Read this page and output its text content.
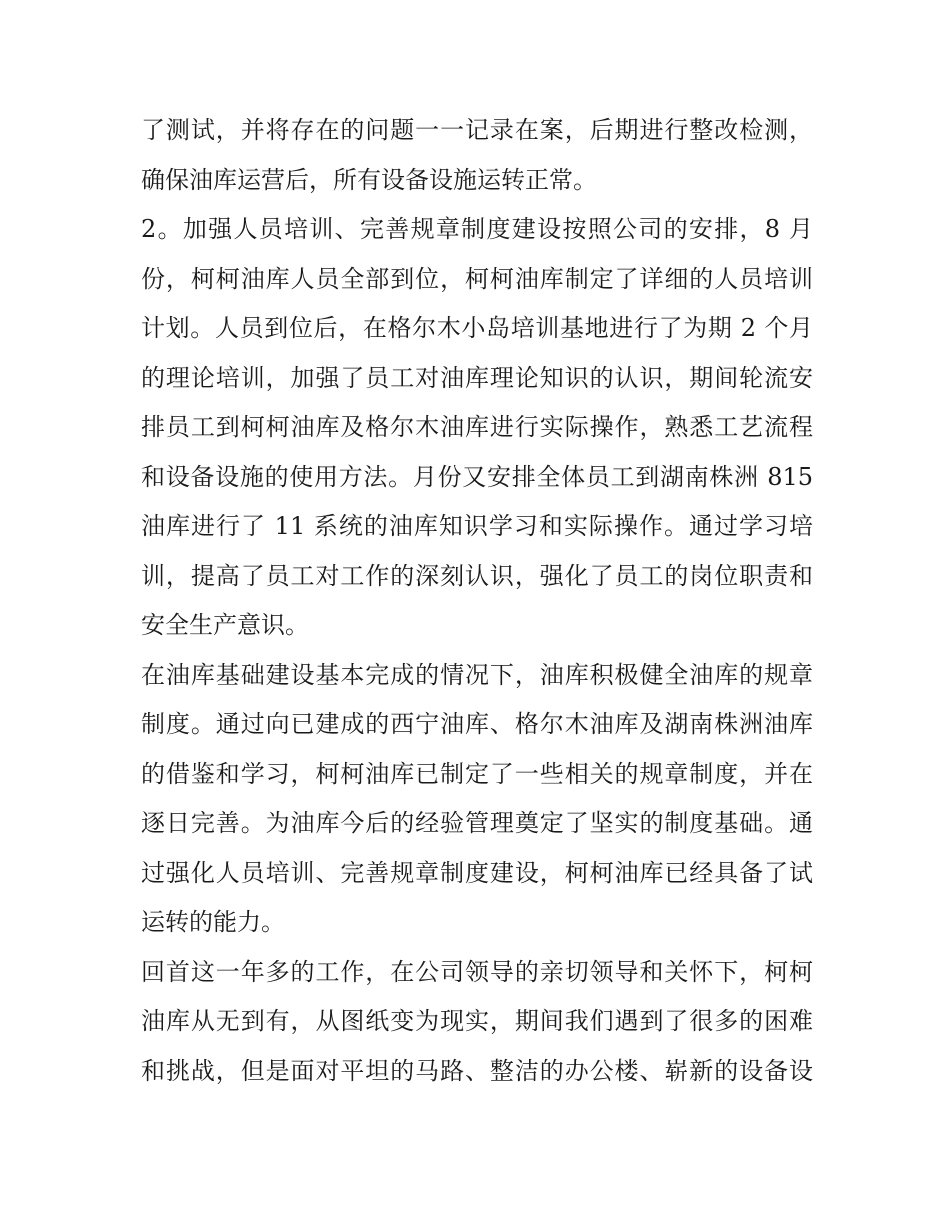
了测试，并将存在的问题一一记录在案，后期进行整改检测，
确保油库运营后，所有设备设施运转正常。
2。加强人员培训、完善规章制度建设按照公司的安排，8 月
份，柯柯油库人员全部到位，柯柯油库制定了详细的人员培训
计划。人员到位后，在格尔木小岛培训基地进行了为期 2 个月
的理论培训，加强了员工对油库理论知识的认识，期间轮流安
排员工到柯柯油库及格尔木油库进行实际操作，熟悉工艺流程
和设备设施的使用方法。月份又安排全体员工到湖南株洲 815
油库进行了 11 系统的油库知识学习和实际操作。通过学习培
训，提高了员工对工作的深刻认识，强化了员工的岗位职责和
安全生产意识。
在油库基础建设基本完成的情况下，油库积极健全油库的规章
制度。通过向已建成的西宁油库、格尔木油库及湖南株洲油库
的借鉴和学习，柯柯油库已制定了一些相关的规章制度，并在
逐日完善。为油库今后的经验管理奠定了坚实的制度基础。通
过强化人员培训、完善规章制度建设，柯柯油库已经具备了试
运转的能力。
回首这一年多的工作，在公司领导的亲切领导和关怀下，柯柯
油库从无到有，从图纸变为现实，期间我们遇到了很多的困难
和挑战，但是面对平坦的马路、整洁的办公楼、崭新的设备设
